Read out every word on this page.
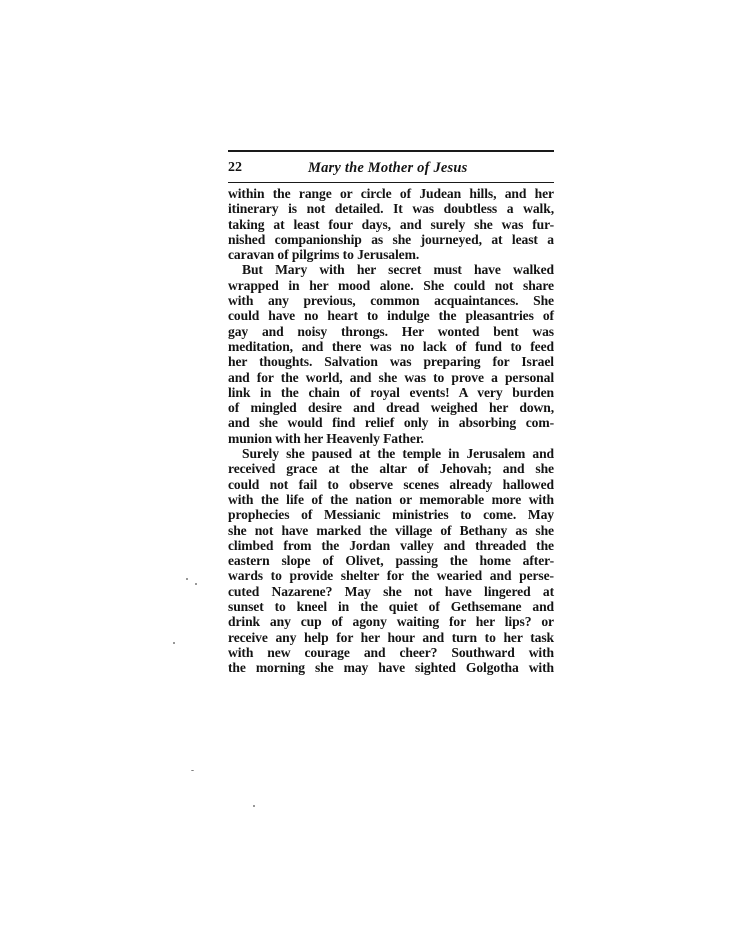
22	Mary the Mother of Jesus
within the range or circle of Judean hills, and her
itinerary is not detailed. It was doubtless a walk,
taking at least four days, and surely she was fur-
nished companionship as she journeyed, at least a
caravan of pilgrims to Jerusalem.
But Mary with her secret must have walked
wrapped in her mood alone. She could not share
with any previous, common acquaintances. She
could have no heart to indulge the pleasantries of
gay and noisy throngs. Her wonted bent was
meditation, and there was no lack of fund to feed
her thoughts. Salvation was preparing for Israel
and for the world, and she was to prove a personal
link in the chain of royal events! A very burden
of mingled desire and dread weighed her down,
and she would find relief only in absorbing com-
munion with her Heavenly Father.
Surely she paused at the temple in Jerusalem and
received grace at the altar of Jehovah; and she
could not fail to observe scenes already hallowed
with the life of the nation or memorable more with
prophecies of Messianic ministries to come. May
she not have marked the village of Bethany as she
climbed from the Jordan valley and threaded the
eastern slope of Olivet, passing the home after-
wards to provide shelter for the wearied and perse-
cuted Nazarene? May she not have lingered at
sunset to kneel in the quiet of Gethsemane and
drink any cup of agony waiting for her lips? or
receive any help for her hour and turn to her task
with new courage and cheer? Southward with
the morning she may have sighted Golgotha with
